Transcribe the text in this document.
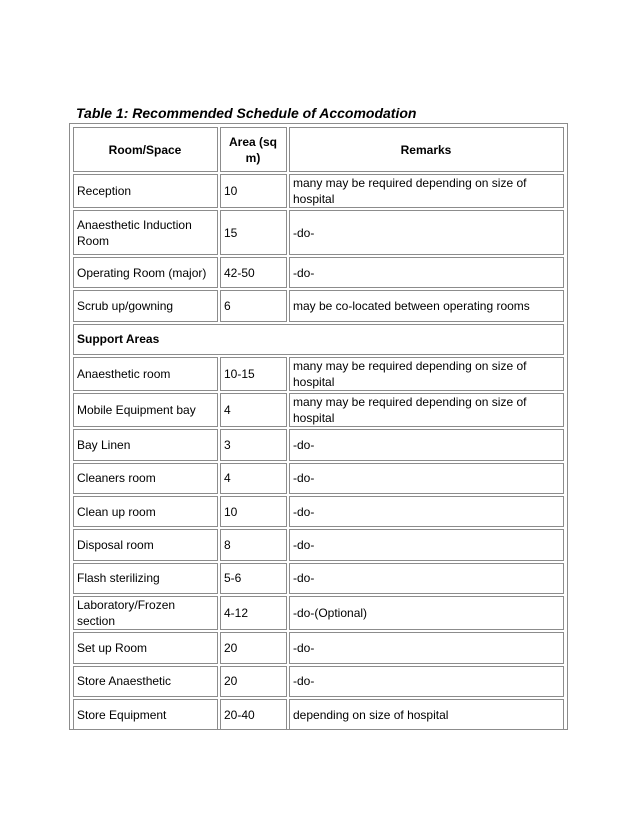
Table 1: Recommended Schedule of Accomodation
Room/Space	Area (sq m)	Remarks
Reception	10	many may be required depending on size of hospital
Anaesthetic Induction Room	15	-do-
Operating Room (major)	42-50	-do-
Scrub up/gowning	6	may be co-located between operating rooms
Support Areas		
Anaesthetic room	10-15	many may be required depending on size of hospital
Mobile Equipment bay	4	many may be required depending on size of hospital
Bay Linen	3	-do-
Cleaners room	4	-do-
Clean up room	10	-do-
Disposal room	8	-do-
Flash sterilizing	5-6	-do-
Laboratory/Frozen section	4-12	-do-(Optional)
Set up Room	20	-do-
Store Anaesthetic	20	-do-
Store Equipment	20-40	depending on size of hospital
